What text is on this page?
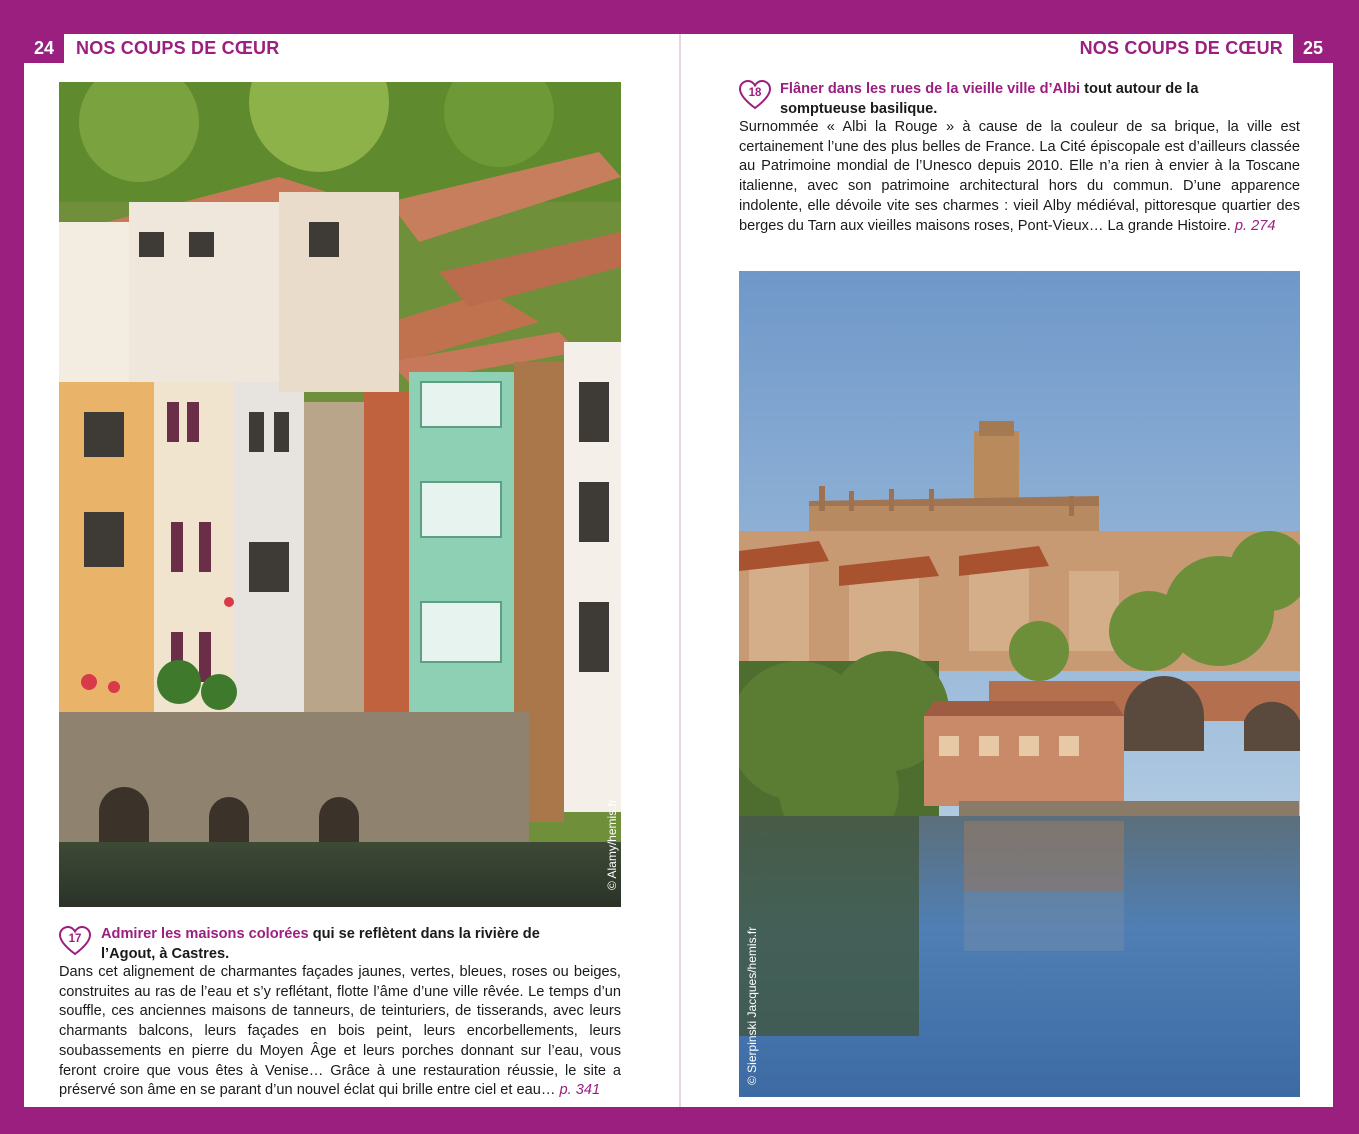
24	NOS COUPS DE CŒUR	NOS COUPS DE CŒUR	25
© Alamy/hemis.fr
© Sierpinski Jacques/hemis.fr
17	Admirer les maisons colorées qui se reflètent dans la rivière de l’Agout, à Castres.
Dans cet alignement de charmantes façades jaunes, vertes, bleues, roses ou beiges, construites au ras de l’eau et s’y reflétant, flotte l’âme d’une ville rêvée. Le temps d’un souffle, ces anciennes maisons de tanneurs, de teinturiers, de tisserands, avec leurs charmants balcons, leurs façades en bois peint, leurs encorbellements, leurs soubassements en pierre du Moyen Âge et leurs porches donnant sur l’eau, vous feront croire que vous êtes à Venise… Grâce à une restauration réussie, le site a préservé son âme en se parant d’un nouvel éclat qui brille entre ciel et eau… p. 341
18	Flâner dans les rues de la vieille ville d’Albi tout autour de la somptueuse basilique.
Surnommée « Albi la Rouge » à cause de la couleur de sa brique, la ville est certainement l’une des plus belles de France. La Cité épiscopale est d’ailleurs classée au Patrimoine mondial de l’Unesco depuis 2010. Elle n’a rien à envier à la Toscane italienne, avec son patrimoine architectural hors du commun. D’une apparence indolente, elle dévoile vite ses charmes : vieil Alby médiéval, pittoresque quartier des berges du Tarn aux vieilles maisons roses, Pont-Vieux… La grande Histoire. p. 274
